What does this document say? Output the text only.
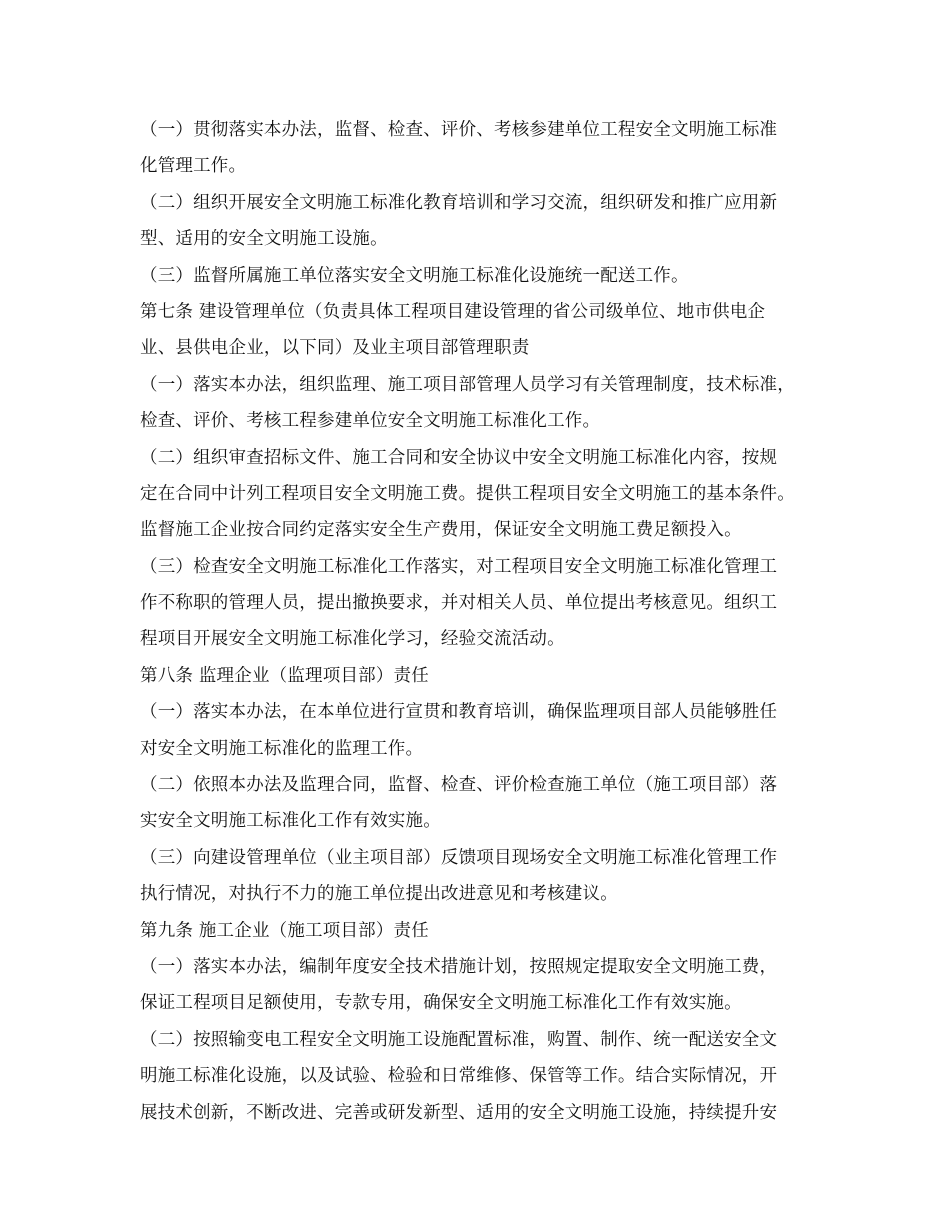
（一）贯彻落实本办法，监督、检查、评价、考核参建单位工程安全文明施工标准
化管理工作。
（二）组织开展安全文明施工标准化教育培训和学习交流，组织研发和推广应用新
型、适用的安全文明施工设施。
（三）监督所属施工单位落实安全文明施工标准化设施统一配送工作。
第七条 建设管理单位（负责具体工程项目建设管理的省公司级单位、地市供电企
业、县供电企业，以下同）及业主项目部管理职责
（一）落实本办法，组织监理、施工项目部管理人员学习有关管理制度，技术标准，
检查、评价、考核工程参建单位安全文明施工标准化工作。
（二）组织审查招标文件、施工合同和安全协议中安全文明施工标准化内容，按规
定在合同中计列工程项目安全文明施工费。提供工程项目安全文明施工的基本条件。
监督施工企业按合同约定落实安全生产费用，保证安全文明施工费足额投入。
（三）检查安全文明施工标准化工作落实，对工程项目安全文明施工标准化管理工
作不称职的管理人员，提出撤换要求，并对相关人员、单位提出考核意见。组织工
程项目开展安全文明施工标准化学习，经验交流活动。
第八条 监理企业（监理项目部）责任
（一）落实本办法，在本单位进行宣贯和教育培训，确保监理项目部人员能够胜任
对安全文明施工标准化的监理工作。
（二）依照本办法及监理合同，监督、检查、评价检查施工单位（施工项目部）落
实安全文明施工标准化工作有效实施。
（三）向建设管理单位（业主项目部）反馈项目现场安全文明施工标准化管理工作
执行情况，对执行不力的施工单位提出改进意见和考核建议。
第九条 施工企业（施工项目部）责任
（一）落实本办法，编制年度安全技术措施计划，按照规定提取安全文明施工费，
保证工程项目足额使用，专款专用，确保安全文明施工标准化工作有效实施。
（二）按照输变电工程安全文明施工设施配置标准，购置、制作、统一配送安全文
明施工标准化设施，以及试验、检验和日常维修、保管等工作。结合实际情况，开
展技术创新，不断改进、完善或研发新型、适用的安全文明施工设施，持续提升安
